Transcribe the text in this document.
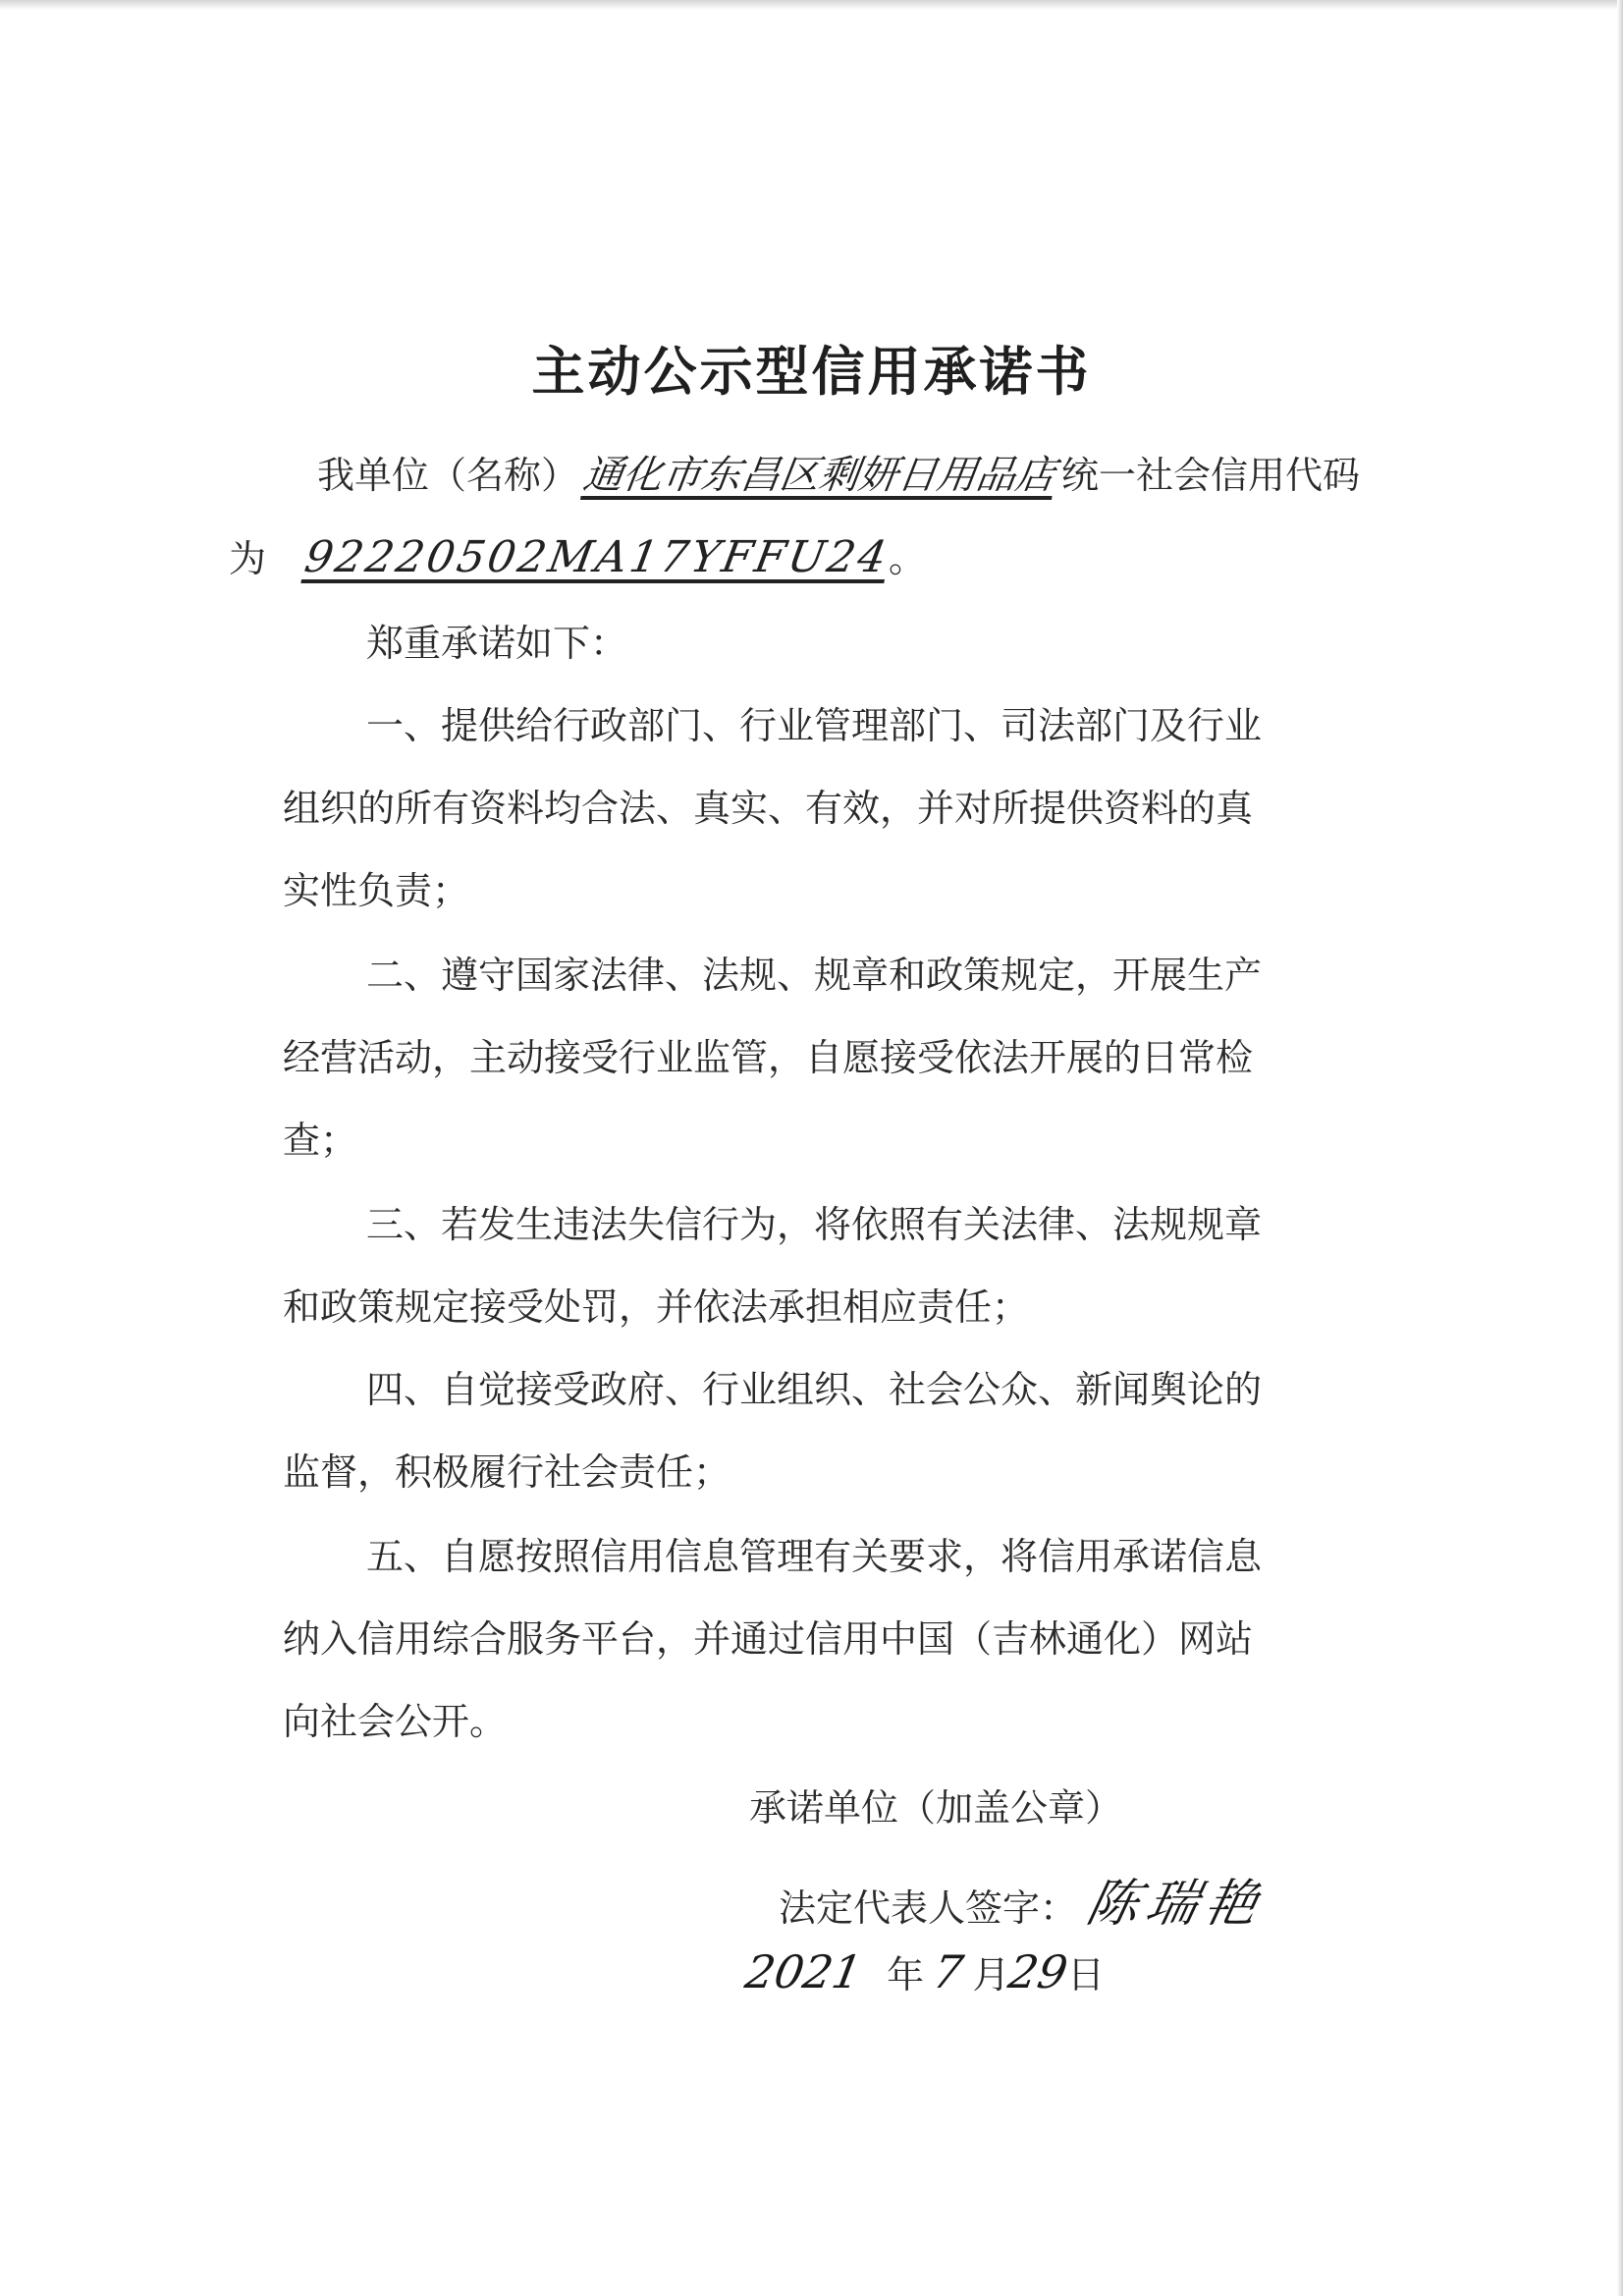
主动公示型信用承诺书
我单位（名称）通化市东昌区剩妍日用品店统一社会信用代码
为 92220502MA17YFFU24。
郑重承诺如下：
一、提供给行政部门、行业管理部门、司法部门及行业
组织的所有资料均合法、真实、有效，并对所提供资料的真
实性负责；
二、遵守国家法律、法规、规章和政策规定，开展生产
经营活动，主动接受行业监管，自愿接受依法开展的日常检
查；
三、若发生违法失信行为，将依照有关法律、法规规章
和政策规定接受处罚，并依法承担相应责任；
四、自觉接受政府、行业组织、社会公众、新闻舆论的
监督，积极履行社会责任；
五、自愿按照信用信息管理有关要求，将信用承诺信息
纳入信用综合服务平台，并通过信用中国（吉林通化）网站
向社会公开。
承诺单位（加盖公章）
法定代表人签字： 陈瑞艳
2021 年 7 月29日
